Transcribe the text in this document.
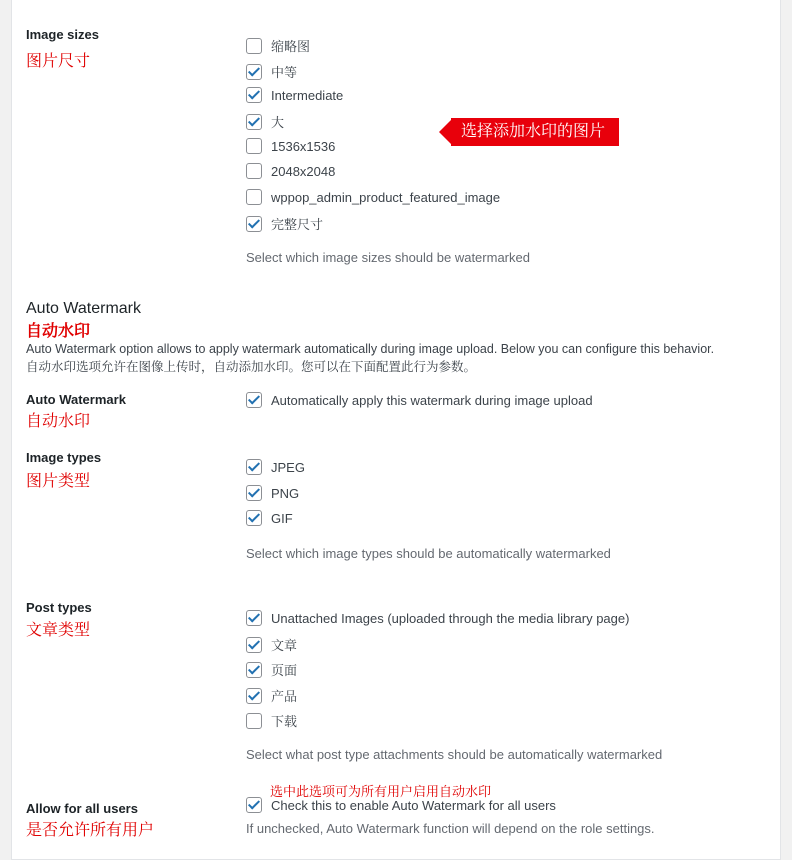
Image sizes
图片尺寸
缩略图
中等
Intermediate
大
1536x1536
2048x2048
wppop_admin_product_featured_image
完整尺寸
Select which image sizes should be watermarked
选择添加水印的图片
Auto Watermark
自动水印
Auto Watermark option allows to apply watermark automatically during image upload. Below you can configure this behavior.
自动水印选项允许在图像上传时，自动添加水印。您可以在下面配置此行为参数。
Auto Watermark
自动水印
Automatically apply this watermark during image upload
Image types
图片类型
JPEG
PNG
GIF
Select which image types should be automatically watermarked
Post types
文章类型
Unattached Images (uploaded through the media library page)
文章
页面
产品
下载
Select what post type attachments should be automatically watermarked
选中此选项可为所有用户启用自动水印
Allow for all users
是否允许所有用户
Check this to enable Auto Watermark for all users
If unchecked, Auto Watermark function will depend on the role settings.
